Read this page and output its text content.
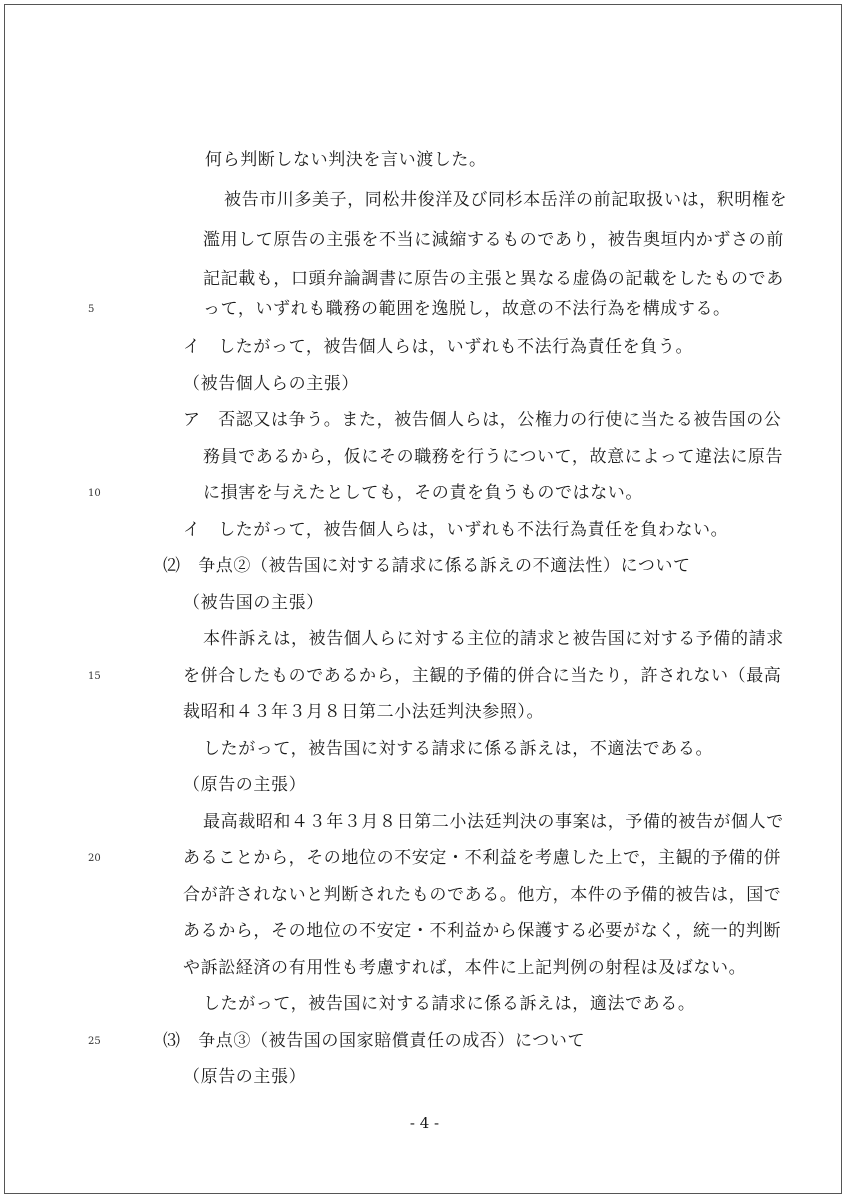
何ら判断しない判決を言い渡した。
被告市川多美子，同松井俊洋及び同杉本岳洋の前記取扱いは，釈明権を
濫用して原告の主張を不当に減縮するものであり，被告奥垣内かずさの前
記記載も，口頭弁論調書に原告の主張と異なる虚偽の記載をしたものであ
って，いずれも職務の範囲を逸脱し，故意の不法行為を構成する。
イ　したがって，被告個人らは，いずれも不法行為責任を負う。
（被告個人らの主張）
ア　否認又は争う。また，被告個人らは，公権力の行使に当たる被告国の公
務員であるから，仮にその職務を行うについて，故意によって違法に原告
に損害を与えたとしても，その責を負うものではない。
イ　したがって，被告個人らは，いずれも不法行為責任を負わない。
⑵　争点②（被告国に対する請求に係る訴えの不適法性）について
（被告国の主張）
本件訴えは，被告個人らに対する主位的請求と被告国に対する予備的請求
を併合したものであるから，主観的予備的併合に当たり，許されない（最高
裁昭和４３年３月８日第二小法廷判決参照）。
したがって，被告国に対する請求に係る訴えは，不適法である。
（原告の主張）
最高裁昭和４３年３月８日第二小法廷判決の事案は，予備的被告が個人で
あることから，その地位の不安定・不利益を考慮した上で，主観的予備的併
合が許されないと判断されたものである。他方，本件の予備的被告は，国で
あるから，その地位の不安定・不利益から保護する必要がなく，統一的判断
や訴訟経済の有用性も考慮すれば，本件に上記判例の射程は及ばない。
したがって，被告国に対する請求に係る訴えは，適法である。
⑶　争点③（被告国の国家賠償責任の成否）について
（原告の主張）
5
10
15
20
25
- 4 -
